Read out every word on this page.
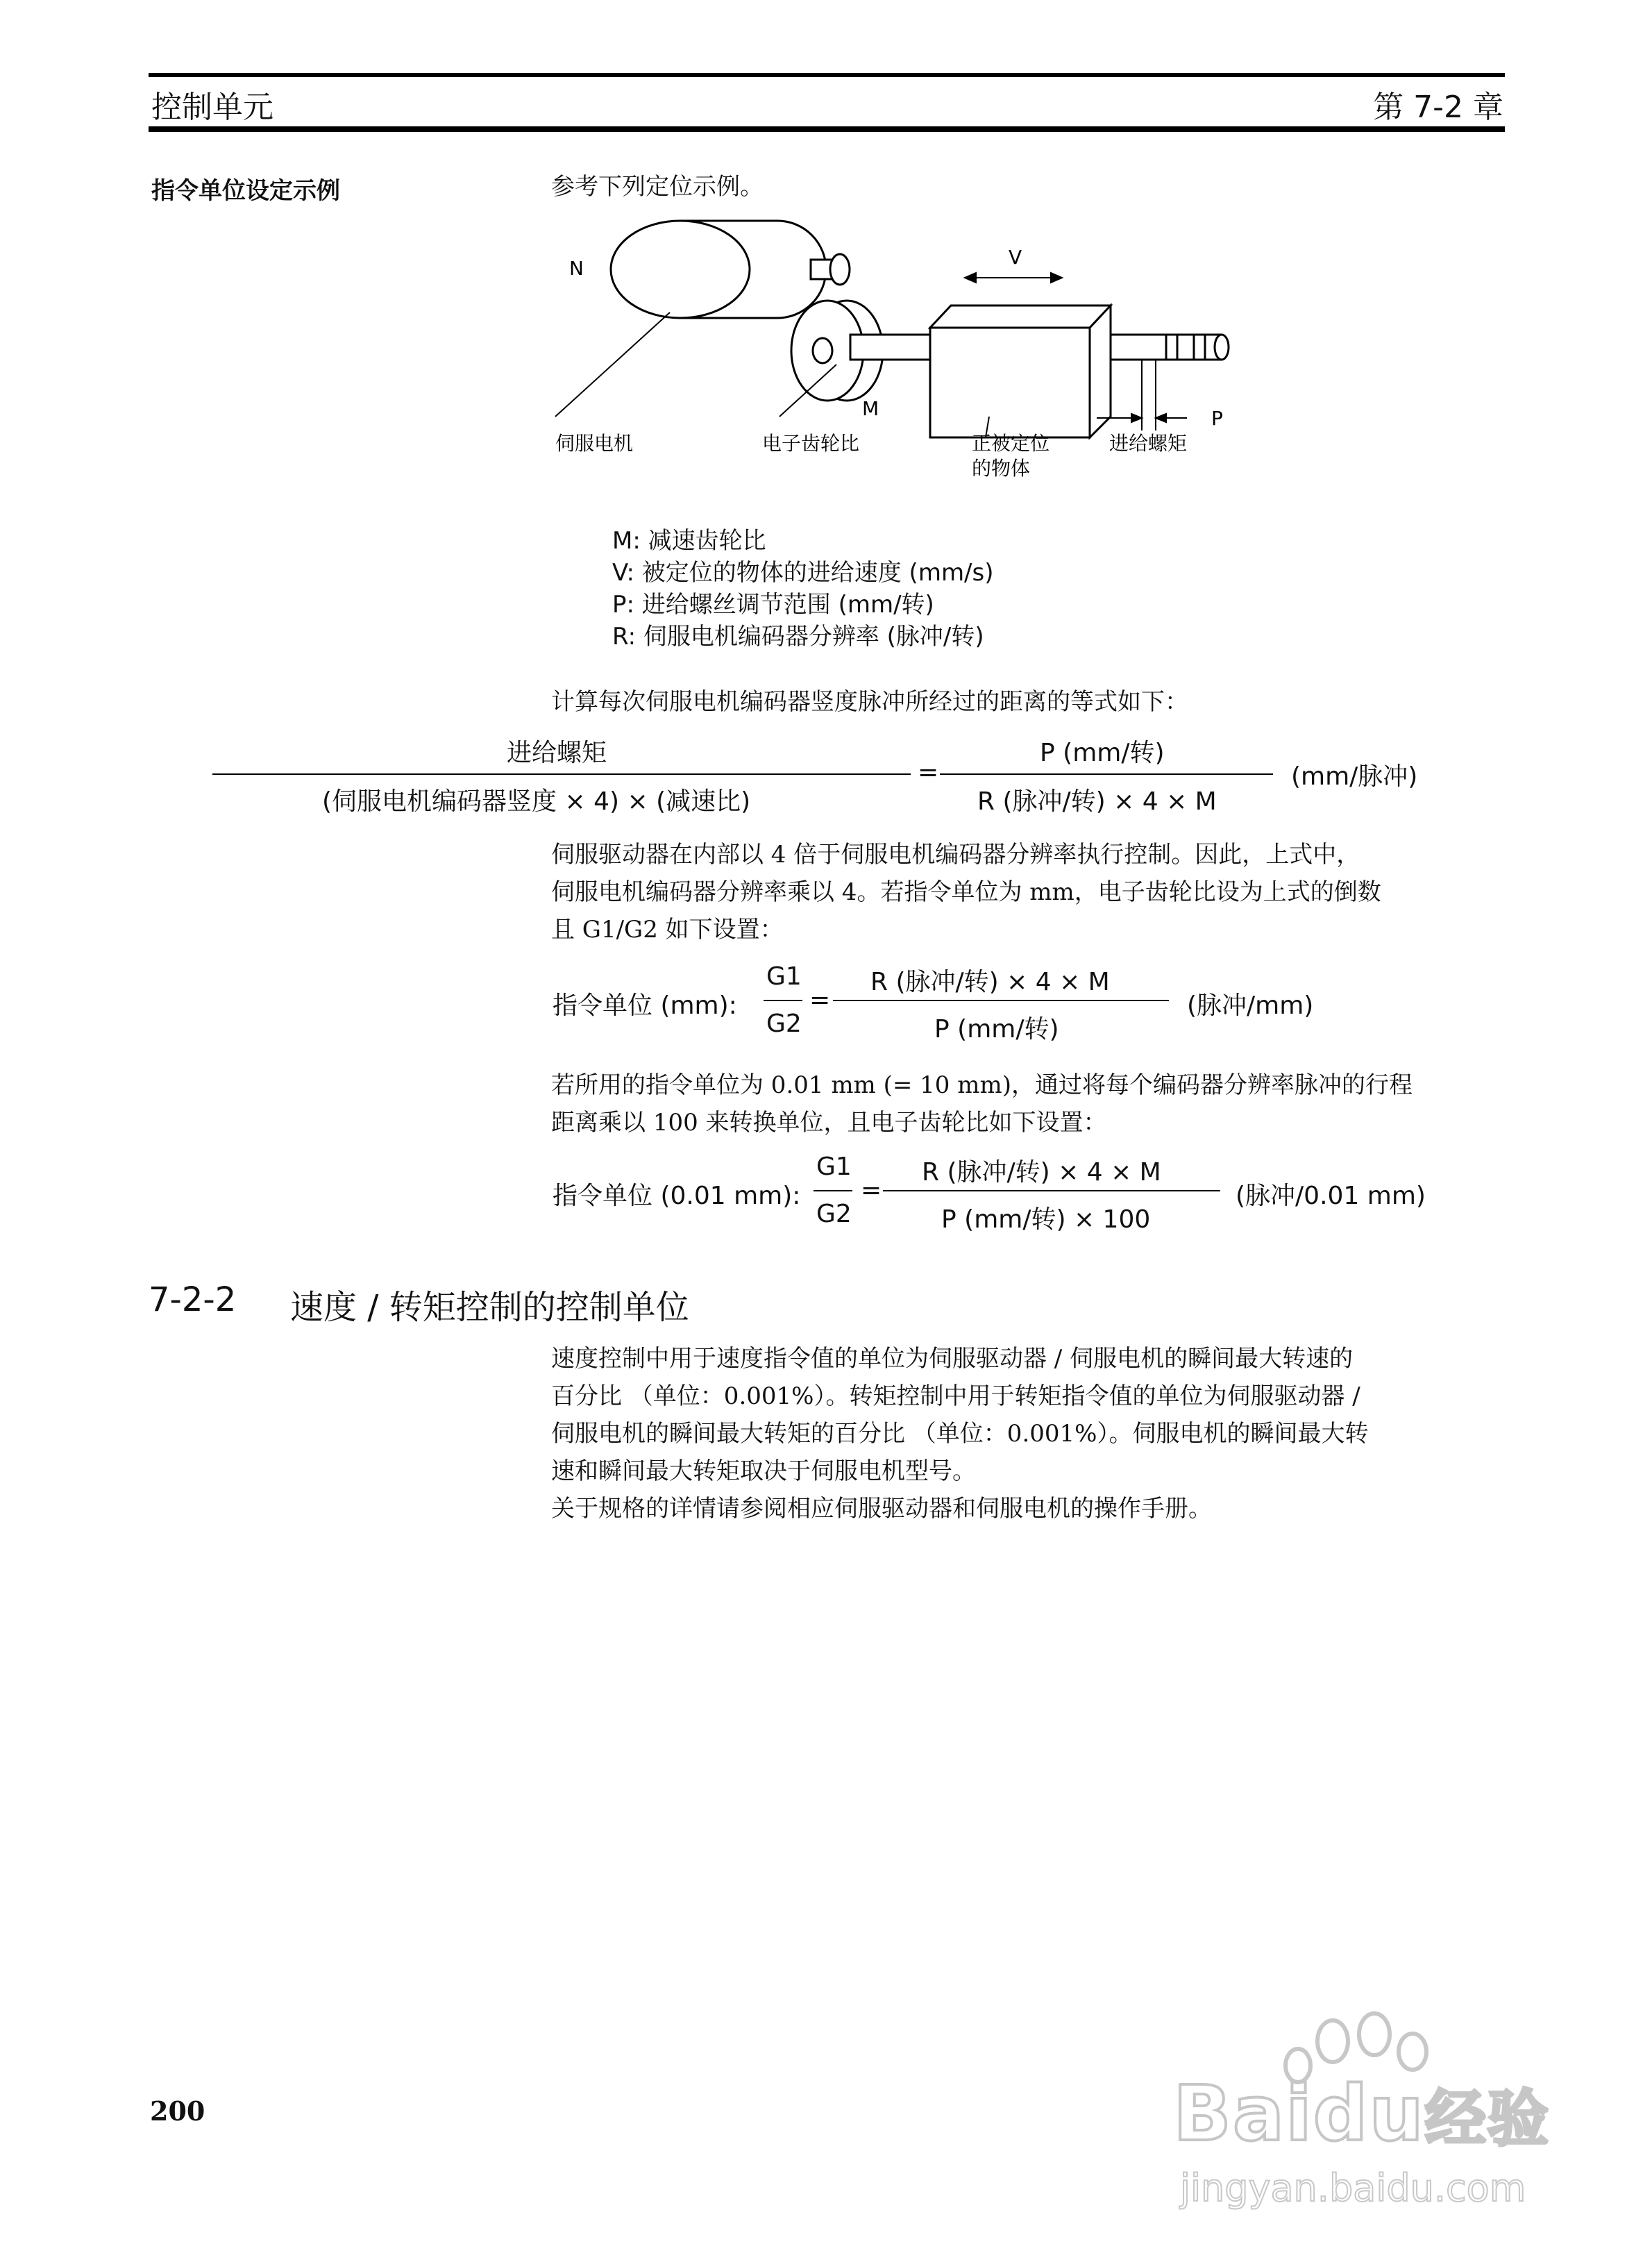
控制单元	第 7-2 章
指令单位设定示例	参考下列定位示例。
N	V
M	P
伺服电机	电子齿轮比	正被定位
的物体
进给螺矩
M: 减速齿轮比
V: 被定位的物体的进给速度 (mm/s)
P: 进给螺丝调节范围 (mm/转)
R: 伺服电机编码器分辨率 (脉冲/转)
计算每次伺服电机编码器竖度脉冲所经过的距离的等式如下：
进给螺矩
(伺服电机编码器竖度 × 4) × (减速比)
=
P (mm/转)
R (脉冲/转) × 4 × M
(mm/脉冲)
伺服驱动器在内部以 4 倍于伺服电机编码器分辨率执行控制。因此，上式中，
伺服电机编码器分辨率乘以 4。若指令单位为 mm，电子齿轮比设为上式的倒数
且 G1/G2 如下设置：
指令单位 (mm):
G1
G2
=
R (脉冲/转) × 4 × M
P (mm/转)
(脉冲/mm)
若所用的指令单位为 0.01 mm (= 10 mm)，通过将每个编码器分辨率脉冲的行程
距离乘以 100 来转换单位，且电子齿轮比如下设置：
指令单位 (0.01 mm):
G1
G2
=
R (脉冲/转) × 4 × M
P (mm/转) × 100
(脉冲/0.01 mm)
7-2-2 速度 / 转矩控制的控制单位
速度控制中用于速度指令值的单位为伺服驱动器 / 伺服电机的瞬间最大转速的
百分比 （单位：0.001%）。转矩控制中用于转矩指令值的单位为伺服驱动器 /
伺服电机的瞬间最大转矩的百分比 （单位：0.001%）。伺服电机的瞬间最大转
速和瞬间最大转矩取决于伺服电机型号。
关于规格的详情请参阅相应伺服驱动器和伺服电机的操作手册。
200	Baidu经验
jingyan.baidu.com
